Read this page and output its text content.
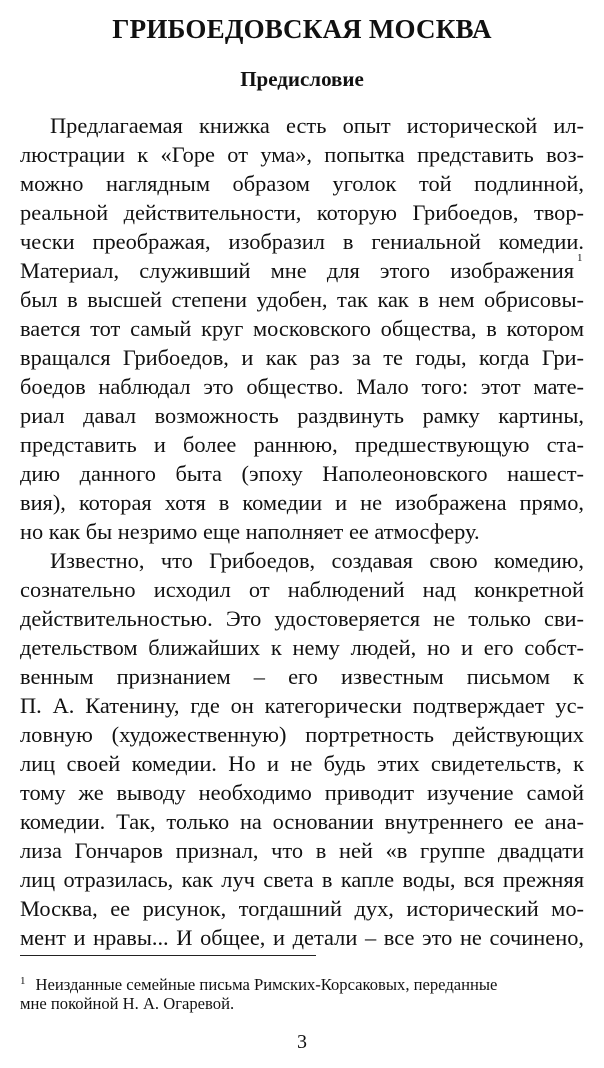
ГРИБОЕДОВСКАЯ МОСКВА
Предисловие
Предлагаемая книжка есть опыт исторической ил-
люстрации к «Горе от ума», попытка представить воз-
можно наглядным образом уголок той подлинной,
реальной действительности, которую Грибоедов, твор-
чески преображая, изобразил в гениальной комедии.
Материал, служивший мне для этого изображения
был в высшей степени удобен, так как в нем обрисовы-
вается тот самый круг московского общества, в котором
вращался Грибоедов, и как раз за те годы, когда Гри-
боедов наблюдал это общество. Мало того: этот мате-
риал давал возможность раздвинуть рамку картины,
представить и более раннюю, предшествующую ста-
дию данного быта (эпоху Наполеоновского нашест-
вия), которая хотя в комедии и не изображена прямо,
но как бы незримо еще наполняет ее атмосферу.
Известно, что Грибоедов, создавая свою комедию,
сознательно исходил от наблюдений над конкретной
действительностью. Это удостоверяется не только сви-
детельством ближайших к нему людей, но и его собст-
венным признанием – его известным письмом к
П. А. Катенину, где он категорически подтверждает ус-
ловную (художественную) портретность действующих
лиц своей комедии. Но и не будь этих свидетельств, к
тому же выводу необходимо приводит изучение самой
комедии. Так, только на основании внутреннего ее ана-
лиза Гончаров признал, что в ней «в группе двадцати
лиц отразилась, как луч света в капле воды, вся прежняя
Москва, ее рисунок, тогдашний дух, исторический мо-
мент и нравы... И общее, и детали – все это не сочинено,
1
$^1$ Неизданные семейные письма Римских-Корсаковых, переданные
мне покойной Н. А. Огаревой.
3
